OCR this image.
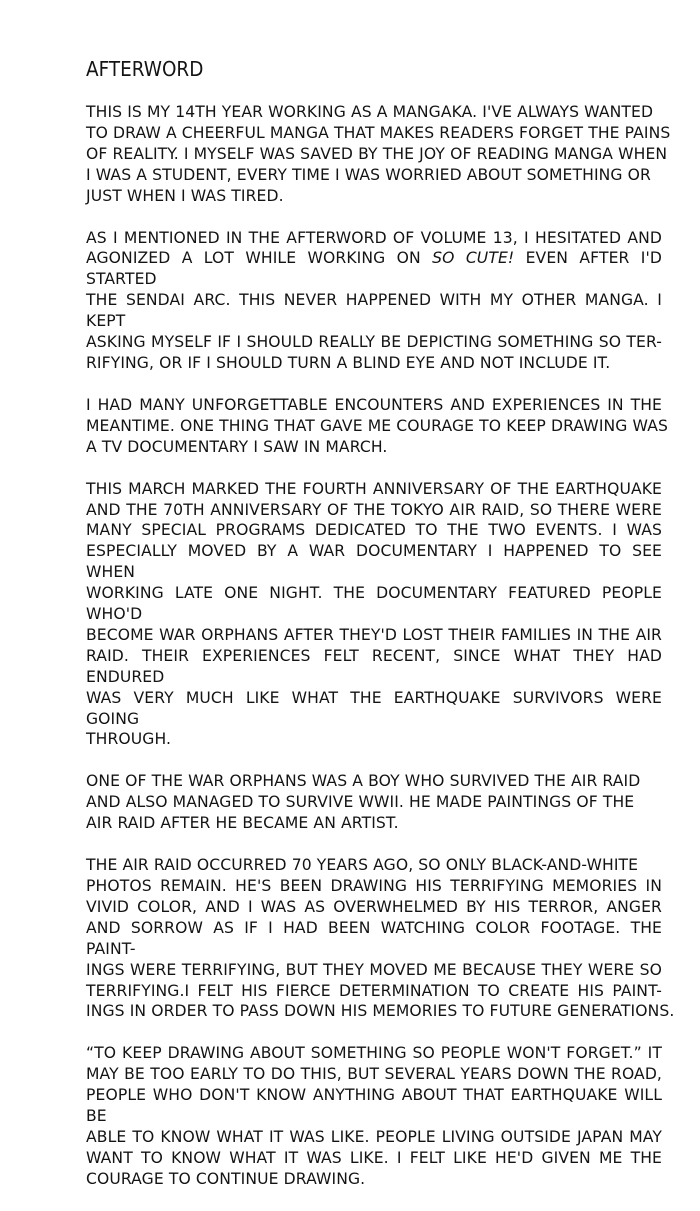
AFTERWORD
THIS IS MY 14TH YEAR WORKING AS A MANGAKA. I'VE ALWAYS WANTED
TO DRAW A CHEERFUL MANGA THAT MAKES READERS FORGET THE PAINS
OF REALITY. I MYSELF WAS SAVED BY THE JOY OF READING MANGA WHEN
I WAS A STUDENT, EVERY TIME I WAS WORRIED ABOUT SOMETHING OR
JUST WHEN I WAS TIRED.
AS I MENTIONED IN THE AFTERWORD OF VOLUME 13, I HESITATED AND
AGONIZED A LOT WHILE WORKING ON SO CUTE! EVEN AFTER I'D STARTED
THE SENDAI ARC. THIS NEVER HAPPENED WITH MY OTHER MANGA. I KEPT
ASKING MYSELF IF I SHOULD REALLY BE DEPICTING SOMETHING SO TER-
RIFYING, OR IF I SHOULD TURN A BLIND EYE AND NOT INCLUDE IT.
I HAD MANY UNFORGETTABLE ENCOUNTERS AND EXPERIENCES IN THE
MEANTIME. ONE THING THAT GAVE ME COURAGE TO KEEP DRAWING WAS
A TV DOCUMENTARY I SAW IN MARCH.
THIS MARCH MARKED THE FOURTH ANNIVERSARY OF THE EARTHQUAKE
AND THE 70TH ANNIVERSARY OF THE TOKYO AIR RAID, SO THERE WERE
MANY SPECIAL PROGRAMS DEDICATED TO THE TWO EVENTS. I WAS
ESPECIALLY MOVED BY A WAR DOCUMENTARY I HAPPENED TO SEE WHEN
WORKING LATE ONE NIGHT. THE DOCUMENTARY FEATURED PEOPLE WHO'D
BECOME WAR ORPHANS AFTER THEY'D LOST THEIR FAMILIES IN THE AIR
RAID. THEIR EXPERIENCES FELT RECENT, SINCE WHAT THEY HAD ENDURED
WAS VERY MUCH LIKE WHAT THE EARTHQUAKE SURVIVORS WERE GOING
THROUGH.
ONE OF THE WAR ORPHANS WAS A BOY WHO SURVIVED THE AIR RAID
AND ALSO MANAGED TO SURVIVE WWII. HE MADE PAINTINGS OF THE
AIR RAID AFTER HE BECAME AN ARTIST.
THE AIR RAID OCCURRED 70 YEARS AGO, SO ONLY BLACK-AND-WHITE
PHOTOS REMAIN. HE'S BEEN DRAWING HIS TERRIFYING MEMORIES IN
VIVID COLOR, AND I WAS AS OVERWHELMED BY HIS TERROR, ANGER
AND SORROW AS IF I HAD BEEN WATCHING COLOR FOOTAGE. THE PAINT-
INGS WERE TERRIFYING, BUT THEY MOVED ME BECAUSE THEY WERE SO
TERRIFYING.I FELT HIS FIERCE DETERMINATION TO CREATE HIS PAINT-
INGS IN ORDER TO PASS DOWN HIS MEMORIES TO FUTURE GENERATIONS.
“TO KEEP DRAWING ABOUT SOMETHING SO PEOPLE WON'T FORGET.” IT
MAY BE TOO EARLY TO DO THIS, BUT SEVERAL YEARS DOWN THE ROAD,
PEOPLE WHO DON'T KNOW ANYTHING ABOUT THAT EARTHQUAKE WILL BE
ABLE TO KNOW WHAT IT WAS LIKE. PEOPLE LIVING OUTSIDE JAPAN MAY
WANT TO KNOW WHAT IT WAS LIKE. I FELT LIKE HE'D GIVEN ME THE
COURAGE TO CONTINUE DRAWING.
